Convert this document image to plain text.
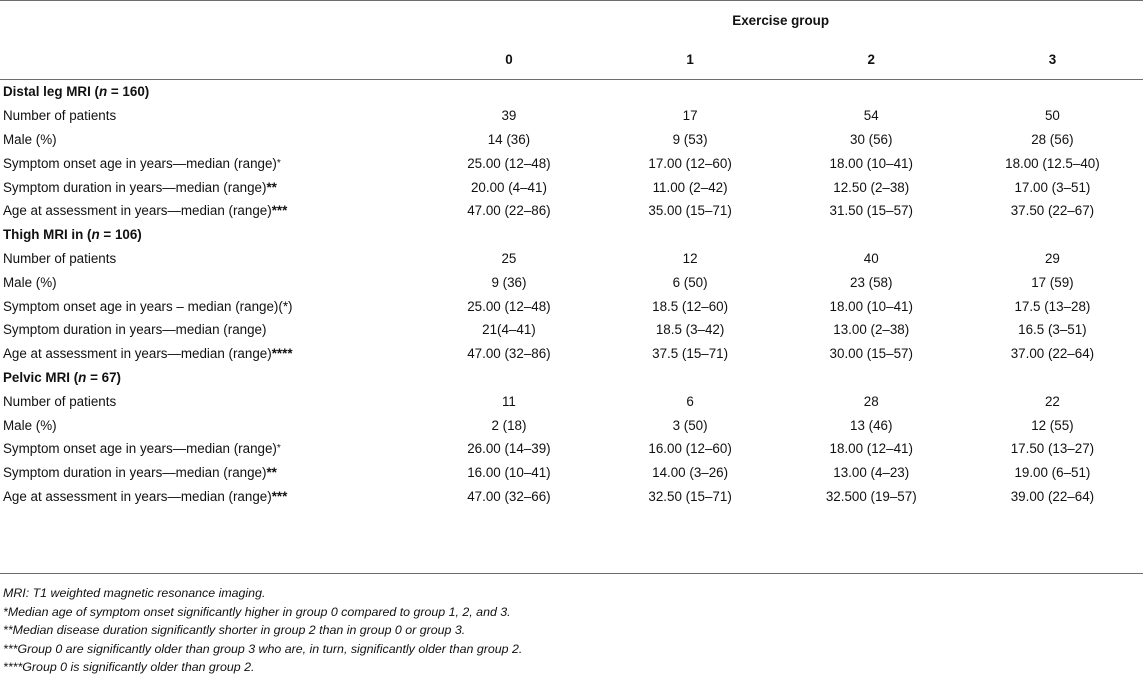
	Exercise group			
	0	1	2	3
Distal leg MRI (n = 160)				
Number of patients	39	17	54	50
Male (%)	14 (36)	9 (53)	30 (56)	28 (56)
Symptom onset age in years—median (range)*	25.00 (12–48)	17.00 (12–60)	18.00 (10–41)	18.00 (12.5–40)
Symptom duration in years—median (range)**	20.00 (4–41)	11.00 (2–42)	12.50 (2–38)	17.00 (3–51)
Age at assessment in years—median (range)***	47.00 (22–86)	35.00 (15–71)	31.50 (15–57)	37.50 (22–67)
Thigh MRI in (n = 106)				
Number of patients	25	12	40	29
Male (%)	9 (36)	6 (50)	23 (58)	17 (59)
Symptom onset age in years – median (range)(*)	25.00 (12–48)	18.5 (12–60)	18.00 (10–41)	17.5 (13–28)
Symptom duration in years—median (range)	21(4–41)	18.5 (3–42)	13.00 (2–38)	16.5 (3–51)
Age at assessment in years—median (range)****	47.00 (32–86)	37.5 (15–71)	30.00 (15–57)	37.00 (22–64)
Pelvic MRI (n = 67)				
Number of patients	11	6	28	22
Male (%)	2 (18)	3 (50)	13 (46)	12 (55)
Symptom onset age in years—median (range)*	26.00 (14–39)	16.00 (12–60)	18.00 (12–41)	17.50 (13–27)
Symptom duration in years—median (range)**	16.00 (10–41)	14.00 (3–26)	13.00 (4–23)	19.00 (6–51)
Age at assessment in years—median (range)***	47.00 (32–66)	32.50 (15–71)	32.500 (19–57)	39.00 (22–64)
MRI: T1 weighted magnetic resonance imaging.
*Median age of symptom onset significantly higher in group 0 compared to group 1, 2, and 3.
**Median disease duration significantly shorter in group 2 than in group 0 or group 3.
***Group 0 are significantly older than group 3 who are, in turn, significantly older than group 2.
****Group 0 is significantly older than group 2.
